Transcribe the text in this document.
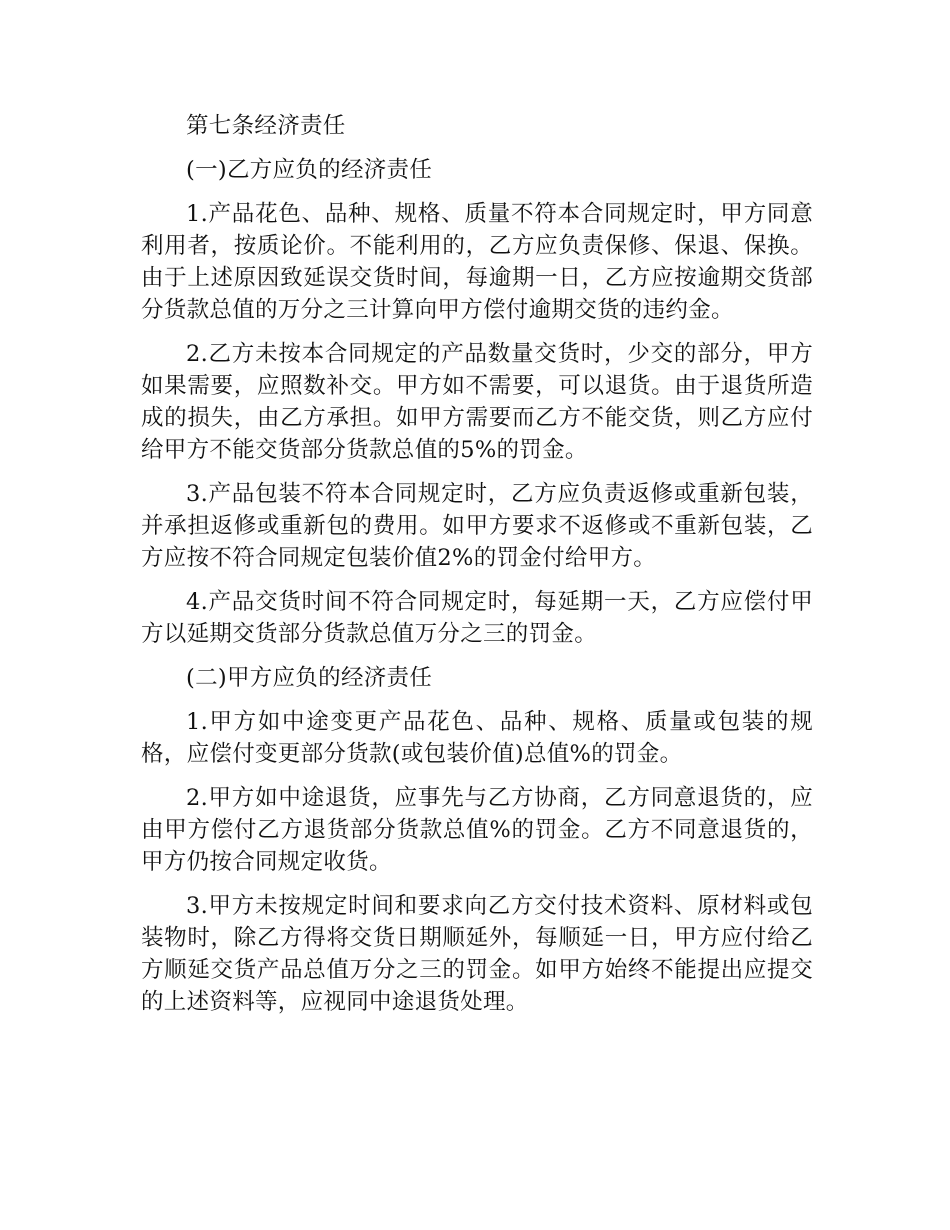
第七条经济责任

(一)乙方应负的经济责任

1.产品花色、品种、规格、质量不符本合同规定时，甲方同意利用者，按质论价。不能利用的，乙方应负责保修、保退、保换。由于上述原因致延误交货时间，每逾期一日，乙方应按逾期交货部分货款总值的万分之三计算向甲方偿付逾期交货的违约金。

2.乙方未按本合同规定的产品数量交货时，少交的部分，甲方如果需要，应照数补交。甲方如不需要，可以退货。由于退货所造成的损失，由乙方承担。如甲方需要而乙方不能交货，则乙方应付给甲方不能交货部分货款总值的5%的罚金。

3.产品包装不符本合同规定时，乙方应负责返修或重新包装，并承担返修或重新包的费用。如甲方要求不返修或不重新包装，乙方应按不符合同规定包装价值2%的罚金付给甲方。

4.产品交货时间不符合同规定时，每延期一天，乙方应偿付甲方以延期交货部分货款总值万分之三的罚金。

(二)甲方应负的经济责任

1.甲方如中途变更产品花色、品种、规格、质量或包装的规格，应偿付变更部分货款(或包装价值)总值%的罚金。

2.甲方如中途退货，应事先与乙方协商，乙方同意退货的，应由甲方偿付乙方退货部分货款总值%的罚金。乙方不同意退货的，甲方仍按合同规定收货。

3.甲方未按规定时间和要求向乙方交付技术资料、原材料或包装物时，除乙方得将交货日期顺延外，每顺延一日，甲方应付给乙方顺延交货产品总值万分之三的罚金。如甲方始终不能提出应提交的上述资料等，应视同中途退货处理。
